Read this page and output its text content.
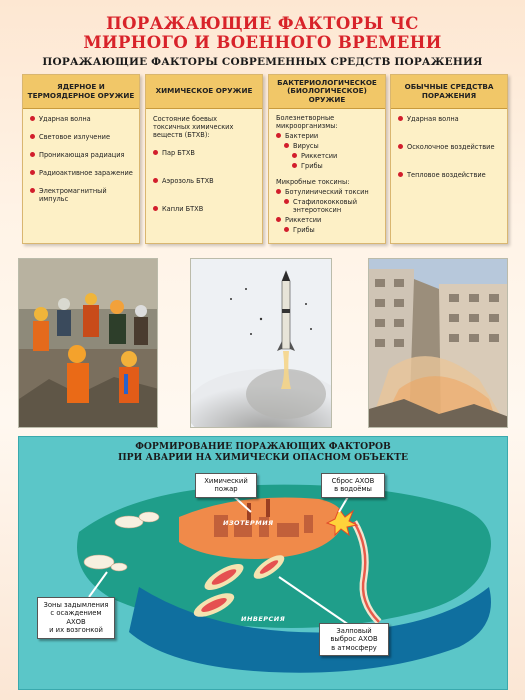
ПОРАЖАЮЩИЕ ФАКТОРЫ ЧС
МИРНОГО И ВОЕННОГО ВРЕМЕНИ
ПОРАЖАЮЩИЕ ФАКТОРЫ СОВРЕМЕННЫХ СРЕДСТВ ПОРАЖЕНИЯ
ЯДЕРНОЕ И ТЕРМОЯДЕРНОЕ ОРУЖИЕ
Ударная волна
Световое излучение
Проникающая радиация
Радиоактивное заражение
Электромагнитный импульс
ХИМИЧЕСКОЕ ОРУЖИЕ
Состояние боевых токсичных химических веществ (БТХВ):
Пар БТХВ
Аэрозоль БТХВ
Капли БТХВ
БАКТЕРИОЛОГИЧЕСКОЕ (БИОЛОГИЧЕСКОЕ) ОРУЖИЕ
Болезнетворные микроорганизмы:
Бактерии
Вирусы
Риккетсии
Грибы
Микробные токсины:
Ботулинический токсин
Стафилококковый энтеротоксин
Риккетсии
Грибы
ОБЫЧНЫЕ СРЕДСТВА ПОРАЖЕНИЯ
Ударная волна
Осколочное воздействие
Тепловое воздействие
ФОРМИРОВАНИЕ ПОРАЖАЮЩИХ ФАКТОРОВ
ПРИ АВАРИИ НА ХИМИЧЕСКИ ОПАСНОМ ОБЪЕКТЕ
ИЗОТЕРМИЯ
ИНВЕРСИЯ
Химический
пожар
Сброс АХОВ
в водоёмы
Зоны задымления
с осаждением АХОВ
и их возгонкой	Залповый
выброс АХОВ
в атмосферу
